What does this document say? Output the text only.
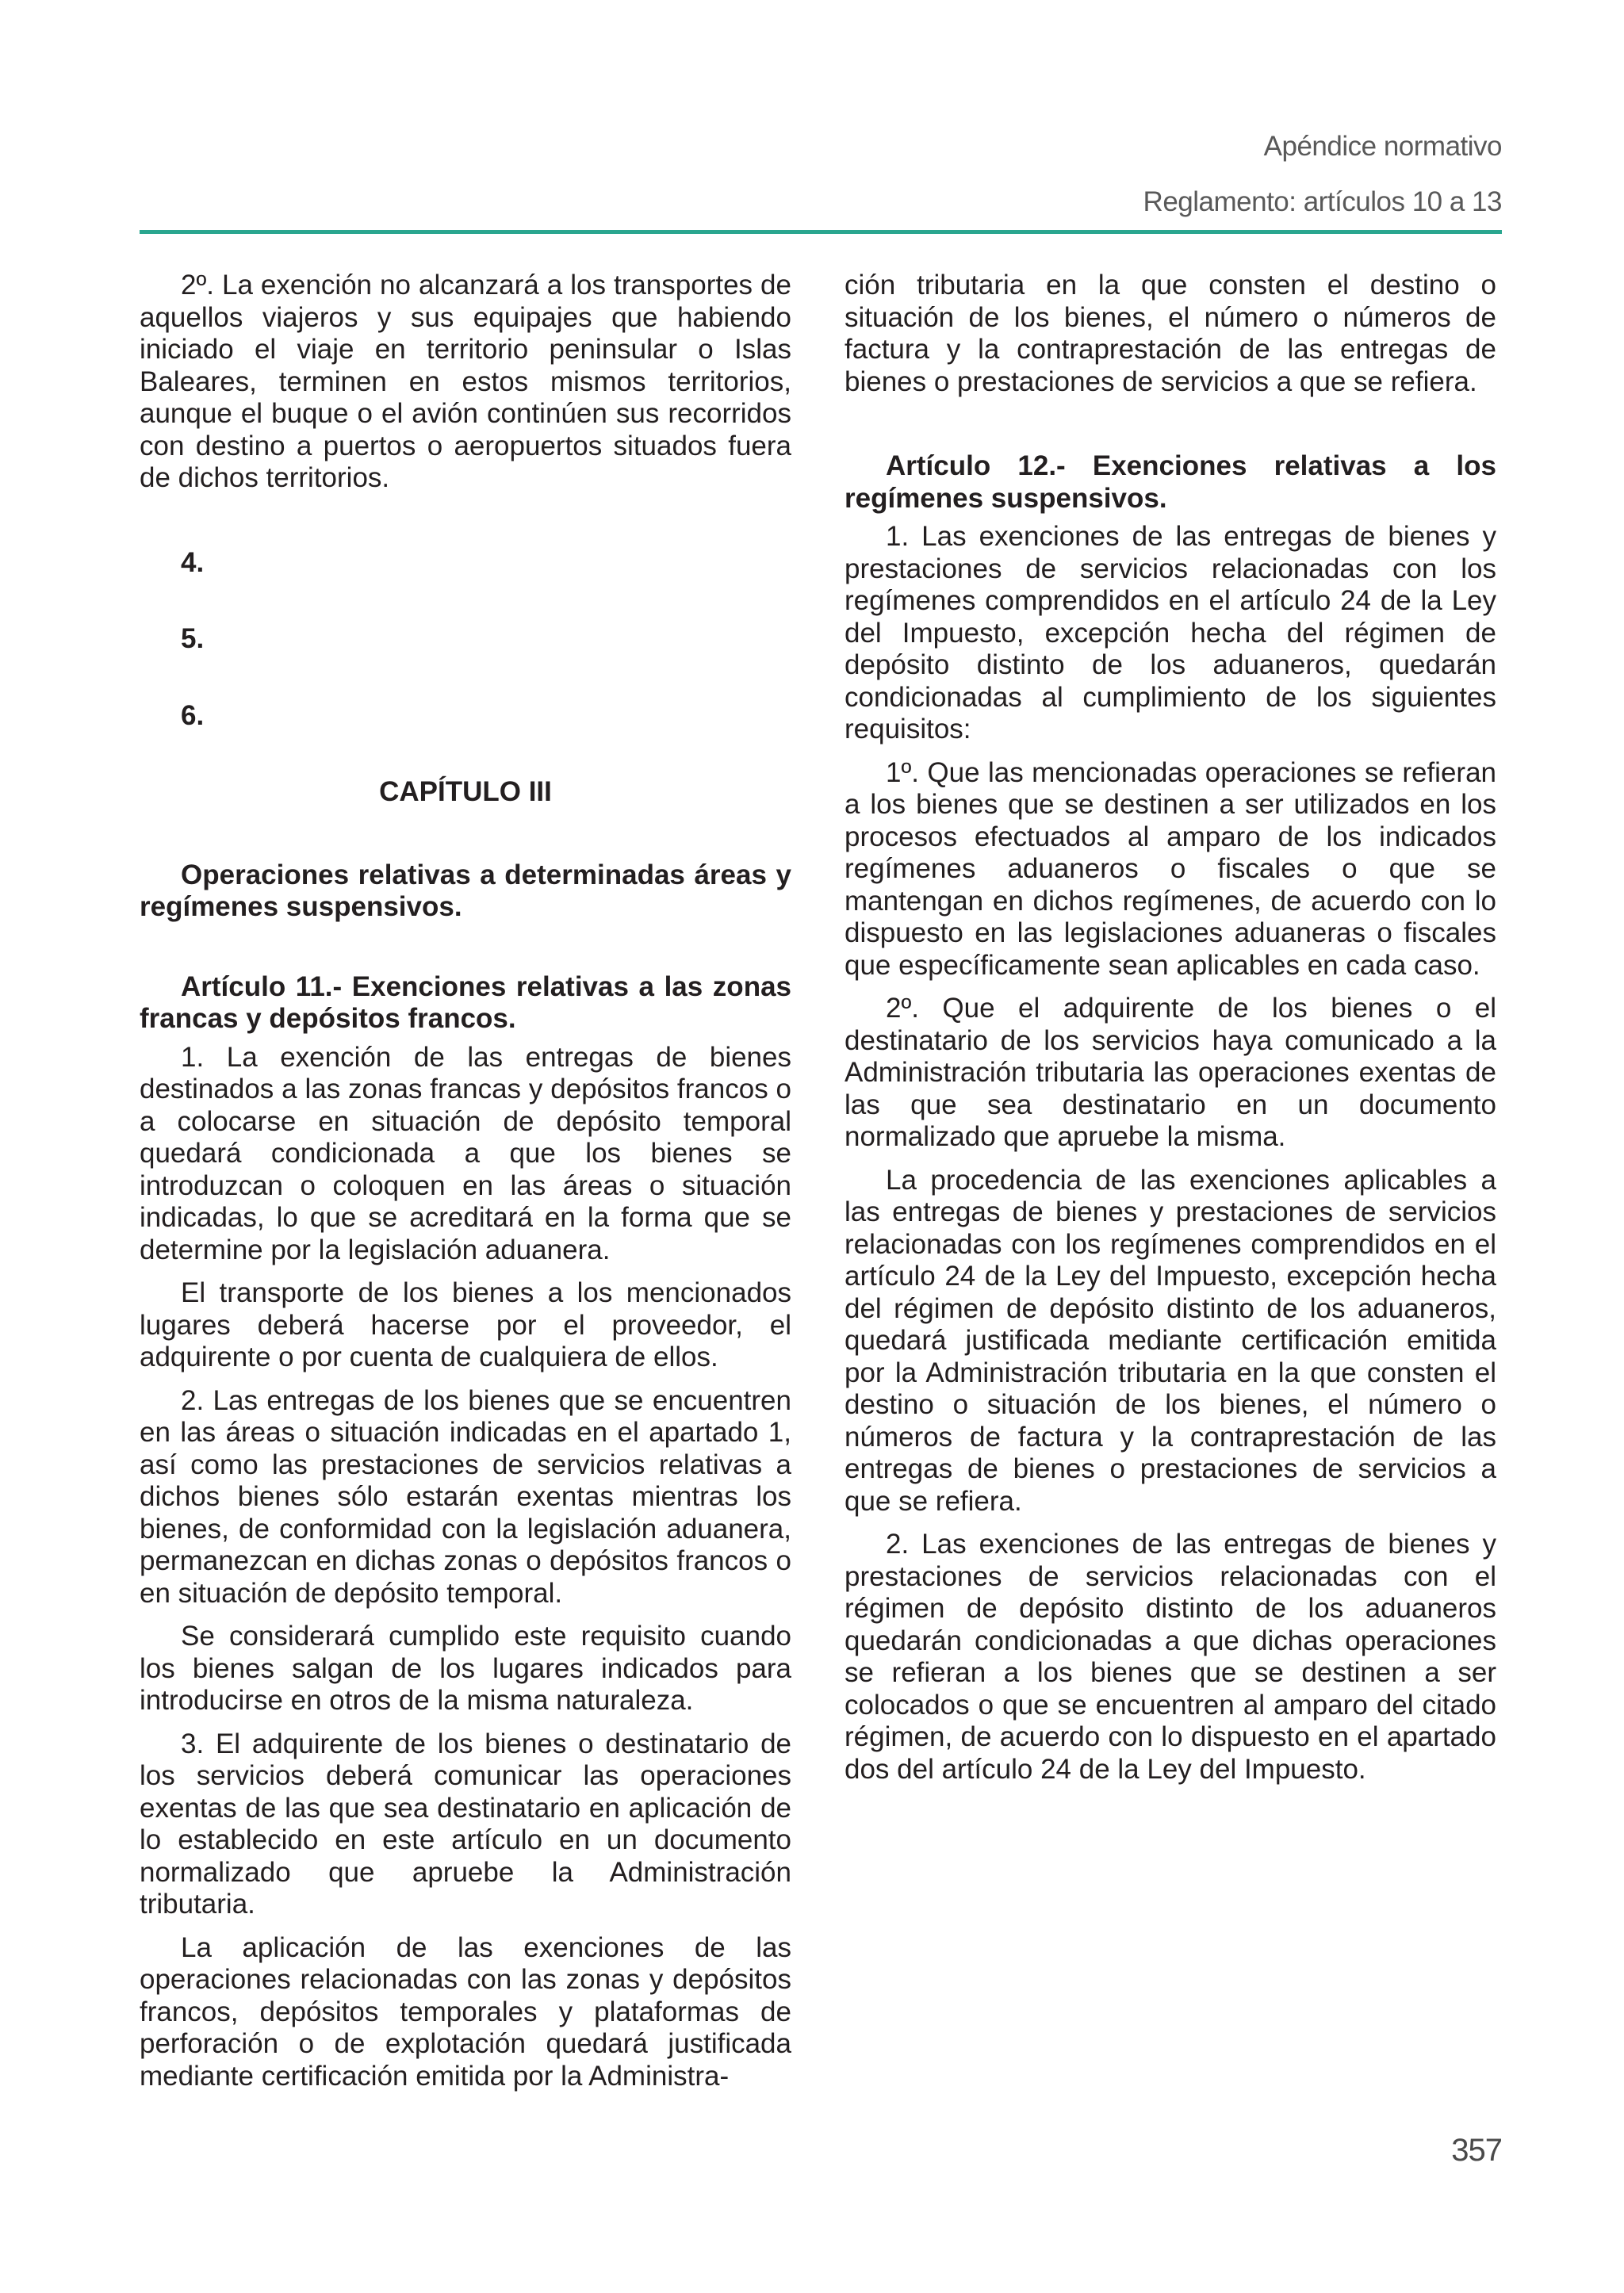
Apéndice normativo
Reglamento: artículos 10 a 13

2º. La exención no alcanzará a los transportes de aquellos viajeros y sus equipajes que habiendo iniciado el viaje en territorio peninsular o Islas Baleares, terminen en estos mismos territorios, aunque el buque o el avión continúen sus recorridos con destino a puertos o aeropuertos situados fuera de dichos territorios.

4.

5.

6.

CAPÍTULO III

Operaciones relativas a determinadas áreas y regímenes suspensivos.

Artículo 11.- Exenciones relativas a las zonas francas y depósitos francos.

1. La exención de las entregas de bienes destinados a las zonas francas y depósitos francos o a colocarse en situación de depósito temporal quedará condicionada a que los bienes se introduzcan o coloquen en las áreas o situación indicadas, lo que se acreditará en la forma que se determine por la legislación aduanera.

El transporte de los bienes a los mencionados lugares deberá hacerse por el proveedor, el adquirente o por cuenta de cualquiera de ellos.

2. Las entregas de los bienes que se encuentren en las áreas o situación indicadas en el apartado 1, así como las prestaciones de servicios relativas a dichos bienes sólo estarán exentas mientras los bienes, de conformidad con la legislación aduanera, permanezcan en dichas zonas o depósitos francos o en situación de depósito temporal.

Se considerará cumplido este requisito cuando los bienes salgan de los lugares indicados para introducirse en otros de la misma naturaleza.

3. El adquirente de los bienes o destinatario de los servicios deberá comunicar las operaciones exentas de las que sea destinatario en aplicación de lo establecido en este artículo en un documento normalizado que apruebe la Administración tributaria.

La aplicación de las exenciones de las operaciones relacionadas con las zonas y depósitos francos, depósitos temporales y plataformas de perforación o de explotación quedará justificada mediante certificación emitida por la Administra-

ción tributaria en la que consten el destino o situación de los bienes, el número o números de factura y la contraprestación de las entregas de bienes o prestaciones de servicios a que se refiera.

Artículo 12.- Exenciones relativas a los regímenes suspensivos.

1. Las exenciones de las entregas de bienes y prestaciones de servicios relacionadas con los regímenes comprendidos en el artículo 24 de la Ley del Impuesto, excepción hecha del régimen de depósito distinto de los aduaneros, quedarán condicionadas al cumplimiento de los siguientes requisitos:

1º. Que las mencionadas operaciones se refieran a los bienes que se destinen a ser utilizados en los procesos efectuados al amparo de los indicados regímenes aduaneros o fiscales o que se mantengan en dichos regímenes, de acuerdo con lo dispuesto en las legislaciones aduaneras o fiscales que específicamente sean aplicables en cada caso.

2º. Que el adquirente de los bienes o el destinatario de los servicios haya comunicado a la Administración tributaria las operaciones exentas de las que sea destinatario en un documento normalizado que apruebe la misma.

La procedencia de las exenciones aplicables a las entregas de bienes y prestaciones de servicios relacionadas con los regímenes comprendidos en el artículo 24 de la Ley del Impuesto, excepción hecha del régimen de depósito distinto de los aduaneros, quedará justificada mediante certificación emitida por la Administración tributaria en la que consten el destino o situación de los bienes, el número o números de factura y la contraprestación de las entregas de bienes o prestaciones de servicios a que se refiera.

2. Las exenciones de las entregas de bienes y prestaciones de servicios relacionadas con el régimen de depósito distinto de los aduaneros quedarán condicionadas a que dichas operaciones se refieran a los bienes que se destinen a ser colocados o que se encuentren al amparo del citado régimen, de acuerdo con lo dispuesto en el apartado dos del artículo 24 de la Ley del Impuesto.

357
